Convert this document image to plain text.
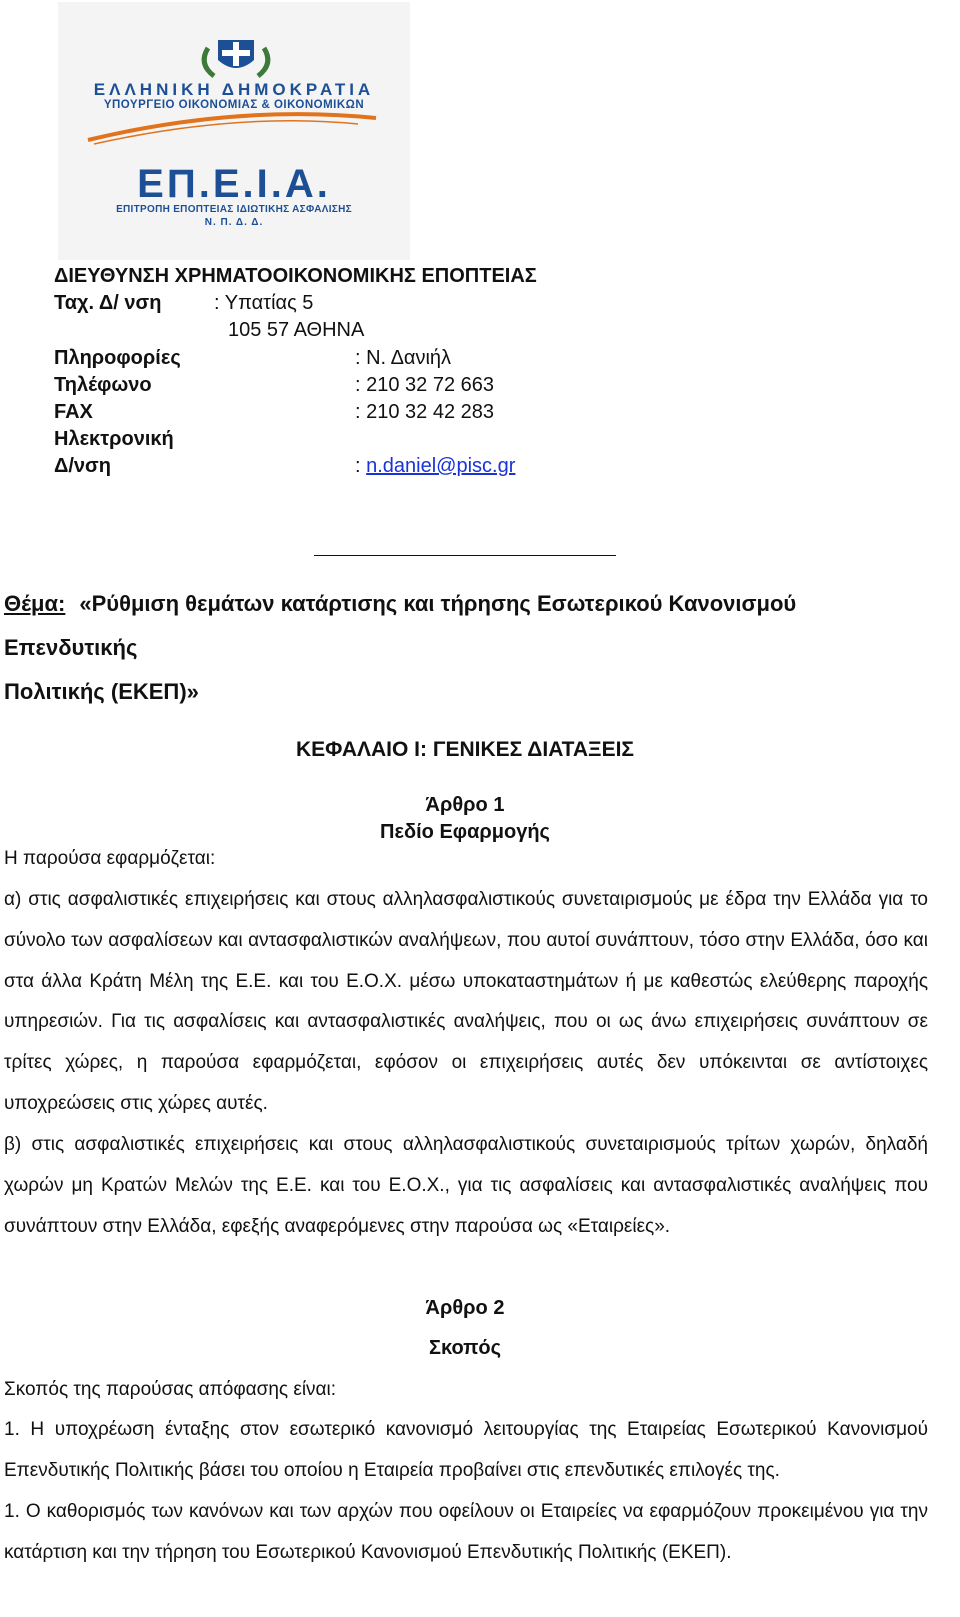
ΕΛΛΗΝΙΚΗ ΔΗΜΟΚΡΑΤΙΑ
ΥΠΟΥΡΓΕΙΟ ΟΙΚΟΝΟΜΙΑΣ & ΟΙΚΟΝΟΜΙΚΩΝ
ΕΠ.Ε.Ι.Α.
ΕΠΙΤΡΟΠΗ ΕΠΟΠΤΕΙΑΣ ΙΔΙΩΤΙΚΗΣ ΑΣΦΑΛΙΣΗΣ
Ν. Π. Δ. Δ.
ΔΙΕΥΘΥΝΣΗ ΧΡΗΜΑΤΟΟΙΚΟΝΟΜΙΚΗΣ ΕΠΟΠΤΕΙΑΣ
Ταχ. Δ/ νση	: Υπατίας 5
105 57 ΑΘΗΝΑ
Πληροφορίες	: Ν. Δανιήλ
Τηλέφωνο	: 210 32 72 663
FAX	: 210 32 42 283
Ηλεκτρονική
Δ/νση	: n.daniel@pisc.gr
Θέμα: «Ρύθμιση θεμάτων κατάρτισης και τήρησης Εσωτερικού Κανονισμού Επενδυτικής
Πολιτικής (ΕΚΕΠ)»
ΚΕΦΑΛΑΙΟ Ι: ΓΕΝΙΚΕΣ ΔΙΑΤΑΞΕΙΣ
Άρθρο 1
Πεδίο Εφαρμογής
Η παρούσα εφαρμόζεται:
α) στις ασφαλιστικές επιχειρήσεις και στους αλληλασφαλιστικούς συνεταιρισμούς με έδρα την Ελλάδα για το σύνολο των ασφαλίσεων και αντασφαλιστικών αναλήψεων, που αυτοί συνάπτουν, τόσο στην Ελλάδα, όσο και στα άλλα Κράτη Μέλη της Ε.Ε. και του Ε.Ο.Χ. μέσω υποκαταστημάτων ή με καθεστώς ελεύθερης παροχής υπηρεσιών. Για τις ασφαλίσεις και αντασφαλιστικές αναλήψεις, που οι ως άνω επιχειρήσεις συνάπτουν σε τρίτες χώρες, η παρούσα εφαρμόζεται, εφόσον οι επιχειρήσεις αυτές δεν υπόκεινται σε αντίστοιχες υποχρεώσεις στις χώρες αυτές.
β) στις ασφαλιστικές επιχειρήσεις και στους αλληλασφαλιστικούς συνεταιρισμούς τρίτων χωρών, δηλαδή χωρών μη Κρατών Μελών της Ε.Ε. και του Ε.Ο.Χ., για τις ασφαλίσεις και αντασφαλιστικές αναλήψεις που συνάπτουν στην Ελλάδα, εφεξής αναφερόμενες στην παρούσα ως «Εταιρείες».
Άρθρο 2
Σκοπός
Σκοπός της παρούσας απόφασης είναι:
1. Η υποχρέωση ένταξης στον εσωτερικό κανονισμό λειτουργίας της Εταιρείας Εσωτερικού Κανονισμού Επενδυτικής Πολιτικής βάσει του οποίου η Εταιρεία προβαίνει στις επενδυτικές επιλογές της.
1. Ο καθορισμός των κανόνων και των αρχών που οφείλουν οι Εταιρείες να εφαρμόζουν προκειμένου για την κατάρτιση και την τήρηση του Εσωτερικού Κανονισμού Επενδυτικής Πολιτικής (ΕΚΕΠ).
